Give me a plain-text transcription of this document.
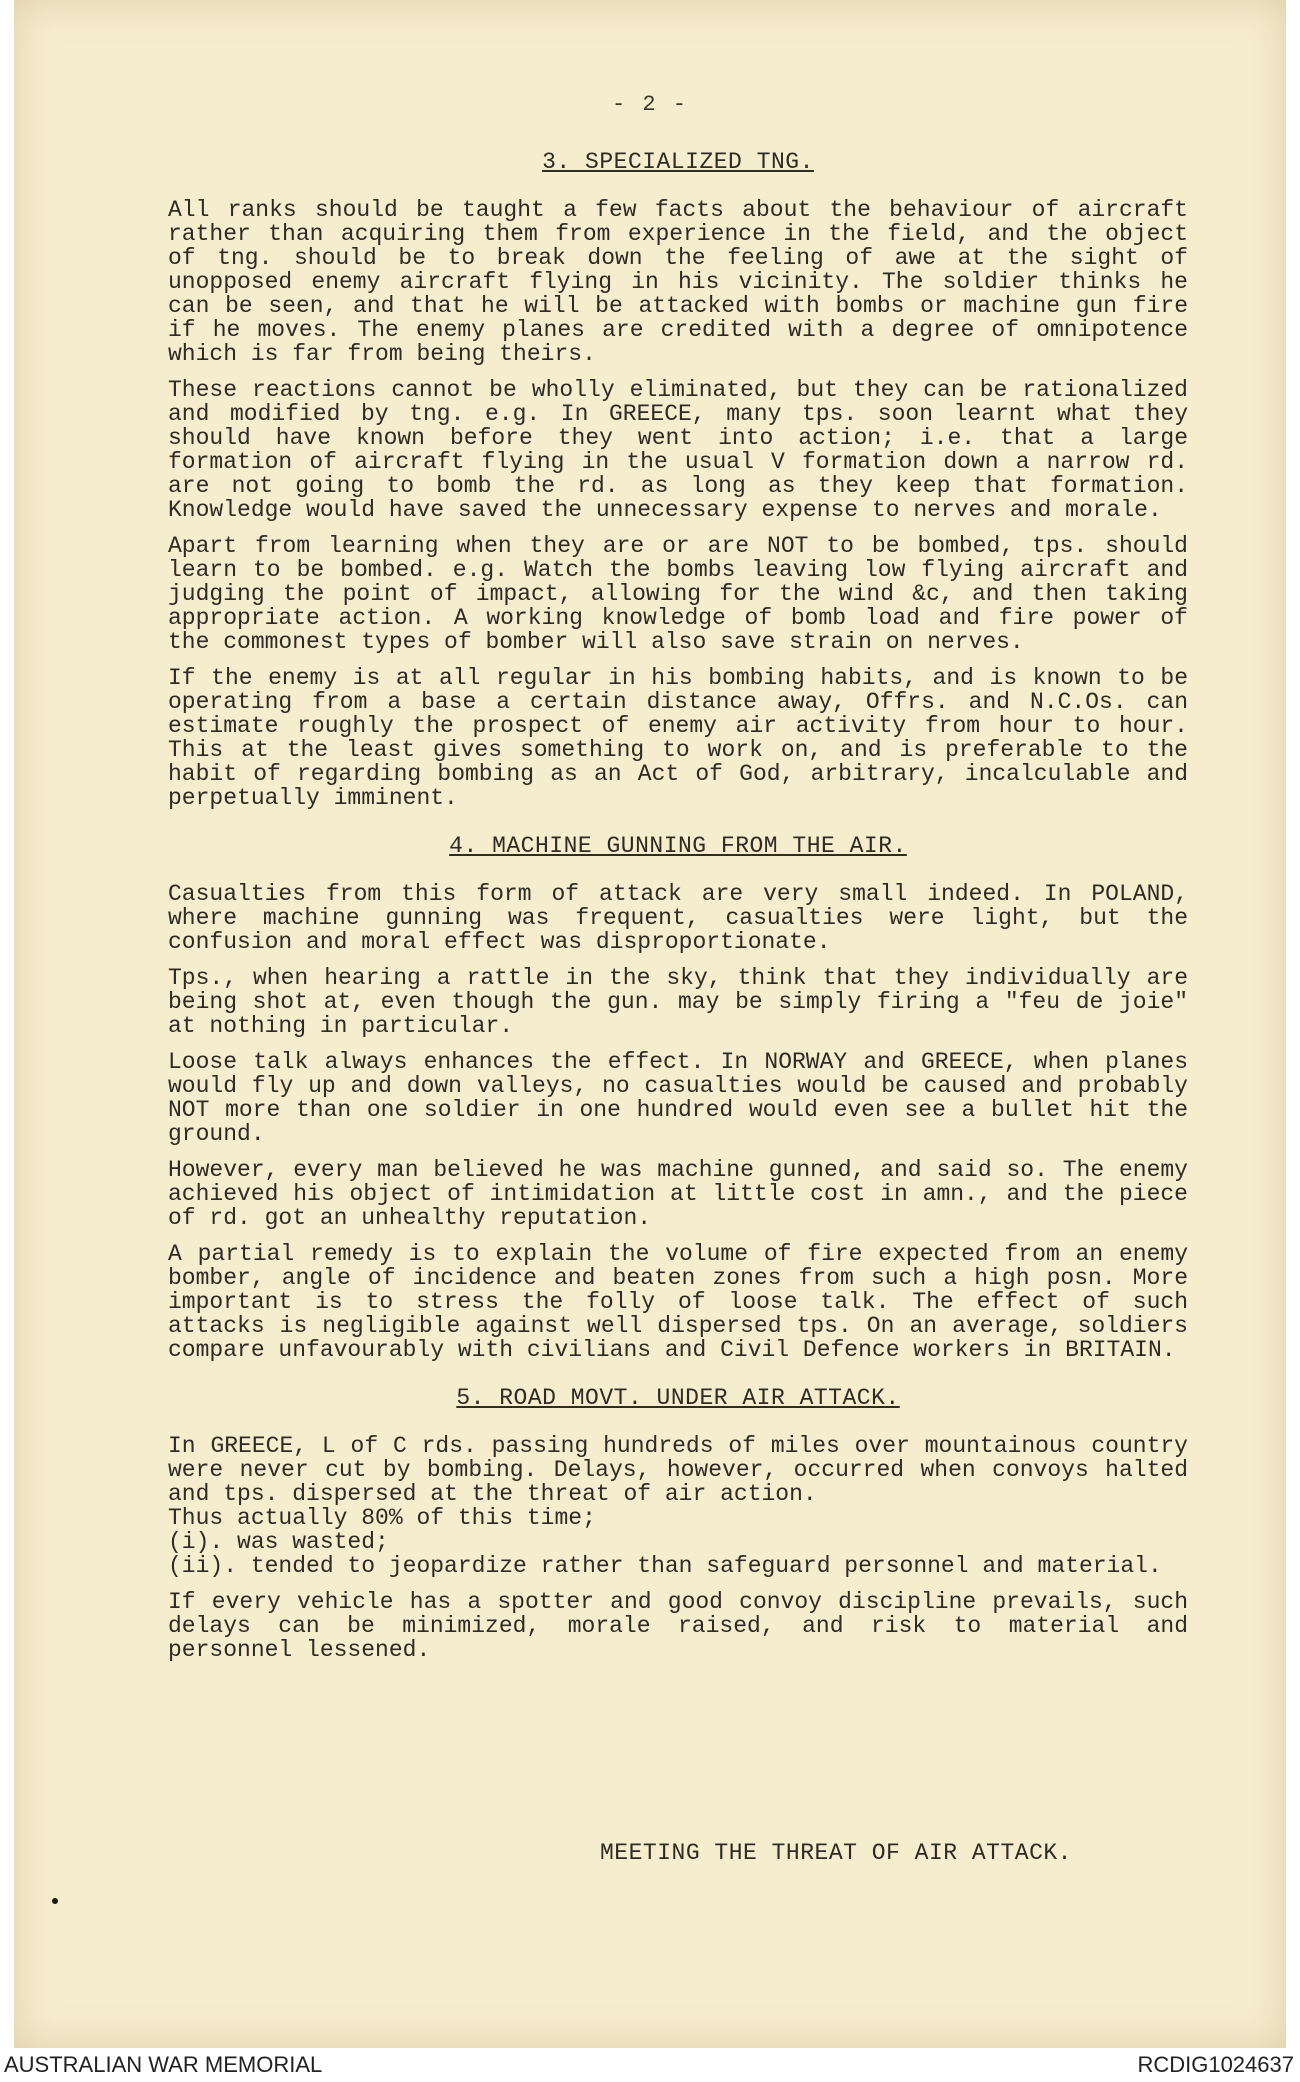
- 2 -
3. SPECIALIZED TNG.

All ranks should be taught a few facts about the behaviour of aircraft rather than acquiring them from experience in the field, and the object of tng. should be to break down the feeling of awe at the sight of unopposed enemy aircraft flying in his vicinity. The soldier thinks he can be seen, and that he will be attacked with bombs or machine gun fire if he moves. The enemy planes are credited with a degree of omnipotence which is far from being theirs.

These reactions cannot be wholly eliminated, but they can be rationalized and modified by tng. e.g. In GREECE, many tps. soon learnt what they should have known before they went into action; i.e. that a large formation of aircraft flying in the usual V formation down a narrow rd. are not going to bomb the rd. as long as they keep that formation. Knowledge would have saved the unnecessary expense to nerves and morale.

Apart from learning when they are or are NOT to be bombed, tps. should learn to be bombed. e.g. Watch the bombs leaving low flying aircraft and judging the point of impact, allowing for the wind &c, and then taking appropriate action. A working knowledge of bomb load and fire power of the commonest types of bomber will also save strain on nerves.

If the enemy is at all regular in his bombing habits, and is known to be operating from a base a certain distance away, Offrs. and N.C.Os. can estimate roughly the prospect of enemy air activity from hour to hour. This at the least gives something to work on, and is preferable to the habit of regarding bombing as an Act of God, arbitrary, incalculable and perpetually imminent.

4. MACHINE GUNNING FROM THE AIR.

Casualties from this form of attack are very small indeed. In POLAND, where machine gunning was frequent, casualties were light, but the confusion and moral effect was disproportionate.

Tps., when hearing a rattle in the sky, think that they individually are being shot at, even though the gun. may be simply firing a "feu de joie" at nothing in particular.

Loose talk always enhances the effect. In NORWAY and GREECE, when planes would fly up and down valleys, no casualties would be caused and probably NOT more than one soldier in one hundred would even see a bullet hit the ground.

However, every man believed he was machine gunned, and said so. The enemy achieved his object of intimidation at little cost in amn., and the piece of rd. got an unhealthy reputation.

A partial remedy is to explain the volume of fire expected from an enemy bomber, angle of incidence and beaten zones from such a high posn. More important is to stress the folly of loose talk. The effect of such attacks is negligible against well dispersed tps. On an average, soldiers compare unfavourably with civilians and Civil Defence workers in BRITAIN.

5. ROAD MOVT. UNDER AIR ATTACK.

In GREECE, L of C rds. passing hundreds of miles over mountainous country were never cut by bombing. Delays, however, occurred when convoys halted and tps. dispersed at the threat of air action.
Thus actually 80% of this time;
(i). was wasted;
(ii). tended to jeopardize rather than safeguard personnel and material.

If every vehicle has a spotter and good convoy discipline prevails, such delays can be minimized, morale raised, and risk to material and personnel lessened.

MEETING THE THREAT OF AIR ATTACK.
AUSTRALIAN WAR MEMORIAL	RCDIG1024637
